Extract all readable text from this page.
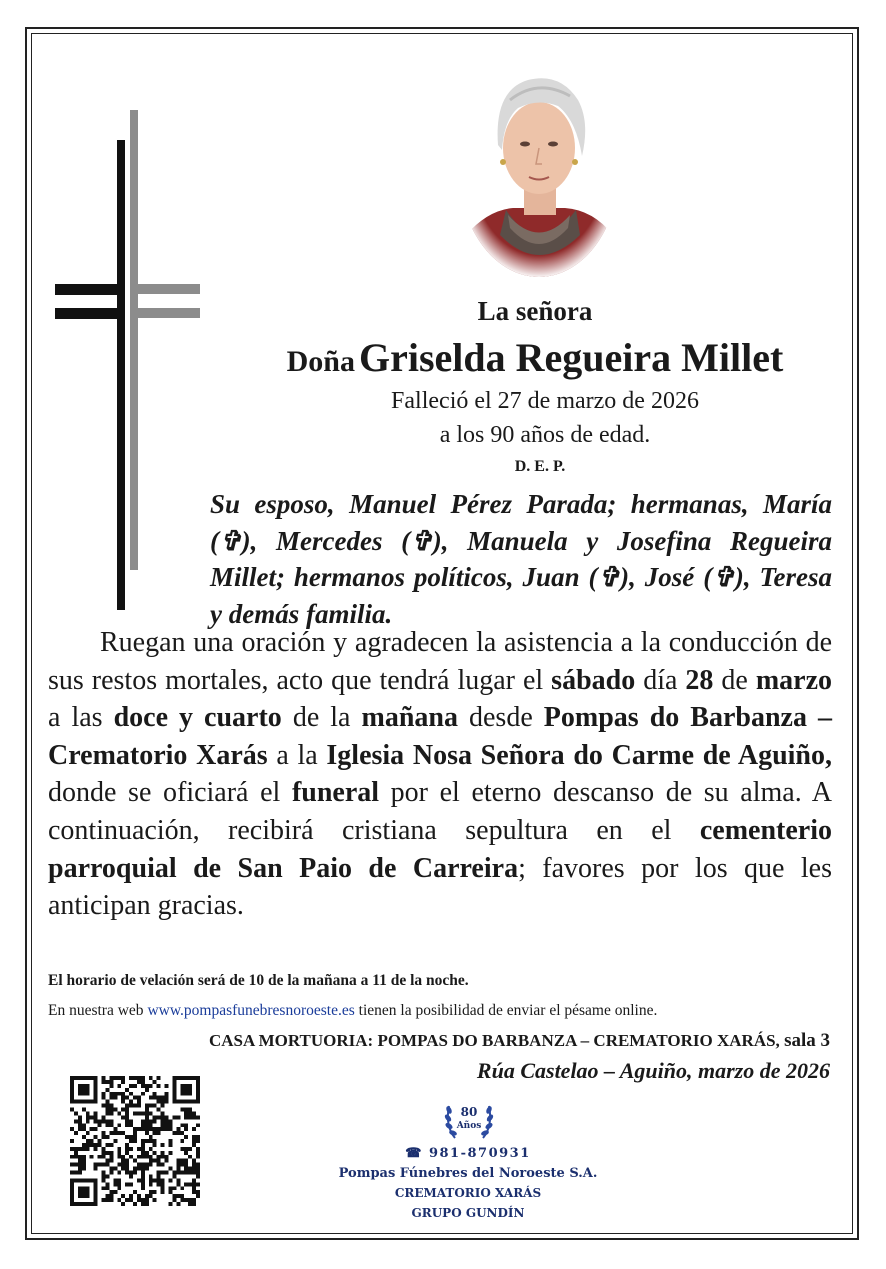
La señora
Doña Griselda Regueira Millet
Falleció el 27 de marzo de 2026
a los 90 años de edad.
D. E. P.

Su esposo, Manuel Pérez Parada; hermanas, María (✞), Mercedes (✞), Manuela y Josefina Regueira Millet; hermanos políticos, Juan (✞), José (✞), Teresa y demás familia.

Ruegan una oración y agradecen la asistencia a la conducción de sus restos mortales, acto que tendrá lugar el sábado día 28 de marzo a las doce y cuarto de la mañana desde Pompas do Barbanza – Crematorio Xarás a la Iglesia Nosa Señora do Carme de Aguiño, donde se oficiará el funeral por el eterno descanso de su alma. A continuación, recibirá cristiana sepultura en el cementerio parroquial de San Paio de Carreira; favores por los que les anticipan gracias.

El horario de velación será de 10 de la mañana a 11 de la noche.
En nuestra web www.pompasfunebresnoroeste.es tienen la posibilidad de enviar el pésame online.
CASA MORTUORIA: POMPAS DO BARBANZA – CREMATORIO XARÁS, sala 3
Rúa Castelao – Aguiño, marzo de 2026
80
Años
☎ 981-870931
Pompas Fúnebres del Noroeste S.A.
CREMATORIO XARÁS
GRUPO GUNDÍN
